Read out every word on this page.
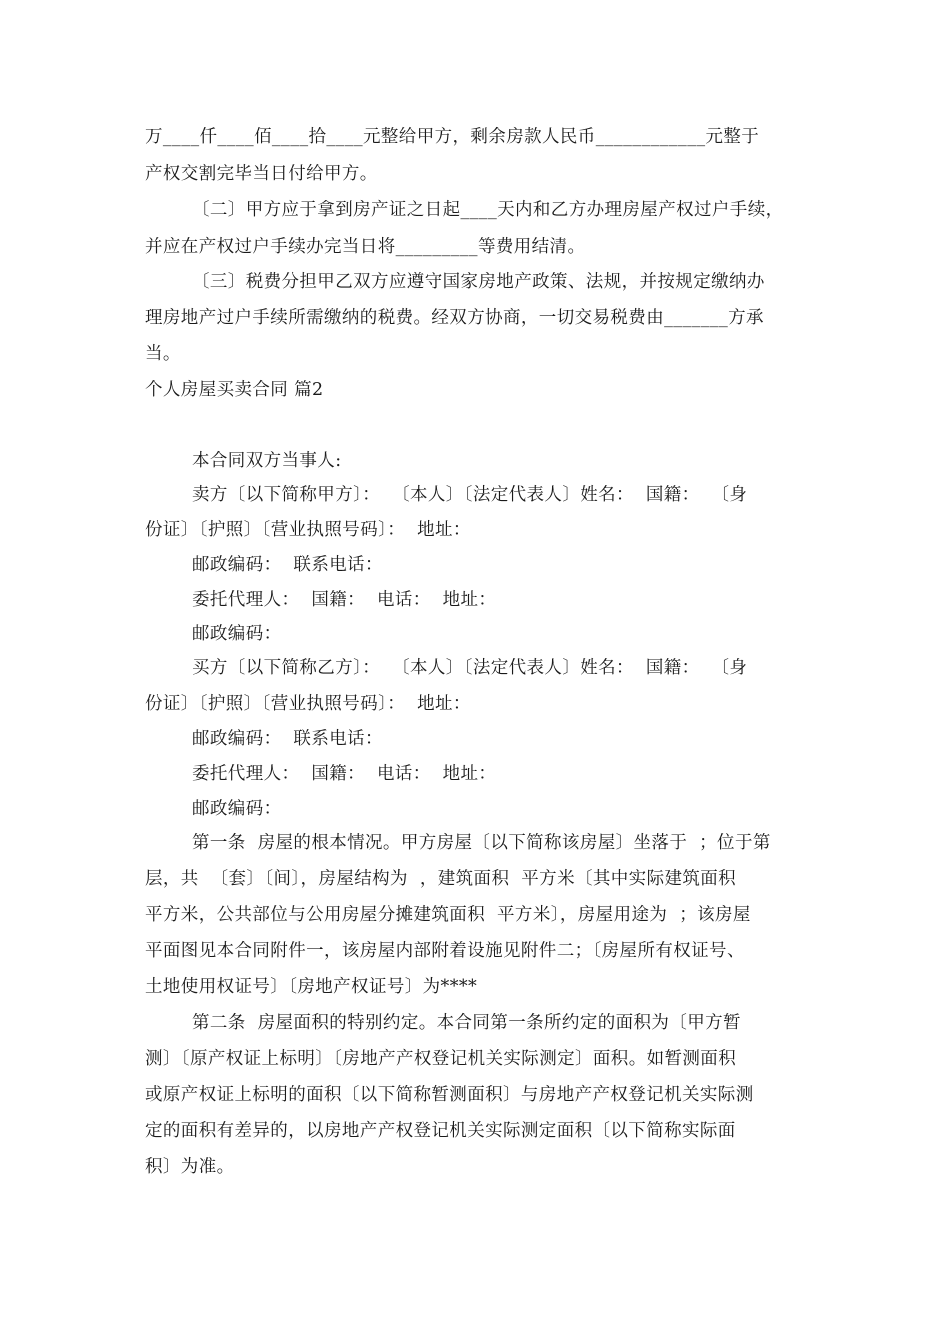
万____仟____佰____拾____元整给甲方，剩余房款人民币____________元整于
产权交割完毕当日付给甲方。
〔二〕甲方应于拿到房产证之日起____天内和乙方办理房屋产权过户手续，
并应在产权过户手续办完当日将_________等费用结清。
〔三〕税费分担甲乙双方应遵守国家房地产政策、法规，并按规定缴纳办
理房地产过户手续所需缴纳的税费。经双方协商，一切交易税费由_______方承
当。
个人房屋买卖合同 篇2
本合同双方当事人:
卖方〔以下简称甲方〕：  〔本人〕〔法定代表人〕姓名：  国籍：  〔身
份证〕〔护照〕〔营业执照号码〕：  地址：
邮政编码：  联系电话：
委托代理人：  国籍：  电话：  地址：
邮政编码：
买方〔以下简称乙方〕：  〔本人〕〔法定代表人〕姓名：  国籍：  〔身
份证〕〔护照〕〔营业执照号码〕：  地址：
邮政编码：  联系电话：
委托代理人：  国籍：  电话：  地址：
邮政编码：
第一条  房屋的根本情况。甲方房屋〔以下简称该房屋〕坐落于  ；位于第
层，共  〔套〕〔间〕，房屋结构为  ，建筑面积  平方米〔其中实际建筑面积
平方米，公共部位与公用房屋分摊建筑面积  平方米〕，房屋用途为  ；该房屋
平面图见本合同附件一，该房屋内部附着设施见附件二；〔房屋所有权证号、
土地使用权证号〕〔房地产权证号〕为****
第二条  房屋面积的特别约定。本合同第一条所约定的面积为〔甲方暂
测〕〔原产权证上标明〕〔房地产产权登记机关实际测定〕面积。如暂测面积
或原产权证上标明的面积〔以下简称暂测面积〕与房地产产权登记机关实际测
定的面积有差异的，以房地产产权登记机关实际测定面积〔以下简称实际面
积〕为准。
